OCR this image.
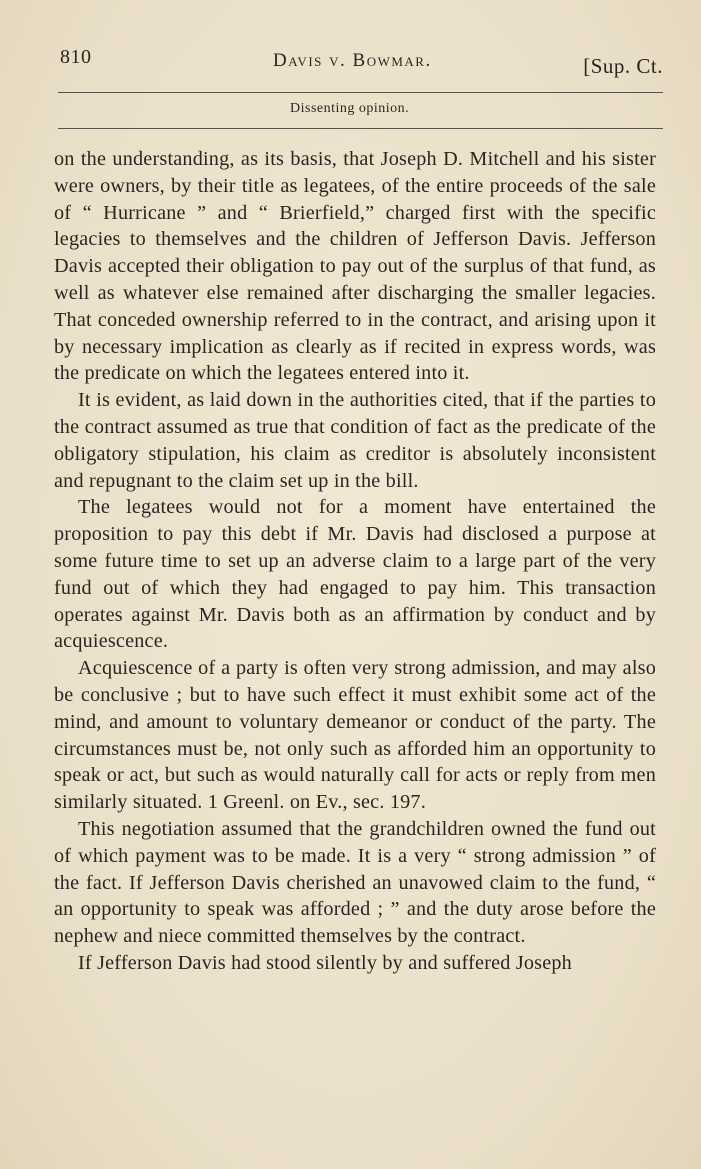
810	Davis v. Bowmar.	[Sup. Ct.
Dissenting opinion.

on the understanding, as its basis, that Joseph D. Mitchell and his sister were owners, by their title as legatees, of the entire proceeds of the sale of “ Hurricane ” and “ Brierfield,” charged first with the specific legacies to themselves and the children of Jefferson Davis. Jefferson Davis accepted their obligation to pay out of the surplus of that fund, as well as whatever else remained after discharging the smaller legacies. That conceded ownership referred to in the contract, and arising upon it by necessary implication as clearly as if recited in express words, was the predicate on which the legatees entered into it.

It is evident, as laid down in the authorities cited, that if the parties to the contract assumed as true that condition of fact as the predicate of the obligatory stipulation, his claim as creditor is absolutely inconsistent and repugnant to the claim set up in the bill.

The legatees would not for a moment have entertained the proposition to pay this debt if Mr. Davis had disclosed a purpose at some future time to set up an adverse claim to a large part of the very fund out of which they had engaged to pay him. This transaction operates against Mr. Davis both as an affirmation by conduct and by acquiescence.

Acquiescence of a party is often very strong admission, and may also be conclusive ; but to have such effect it must exhibit some act of the mind, and amount to voluntary demeanor or conduct of the party. The circumstances must be, not only such as afforded him an opportunity to speak or act, but such as would naturally call for acts or reply from men similarly situated. 1 Greenl. on Ev., sec. 197.

This negotiation assumed that the grandchildren owned the fund out of which payment was to be made. It is a very “ strong admission ” of the fact. If Jefferson Davis cherished an unavowed claim to the fund, “ an opportunity to speak was afforded ; ” and the duty arose before the nephew and niece committed themselves by the contract.

If Jefferson Davis had stood silently by and suffered Joseph
